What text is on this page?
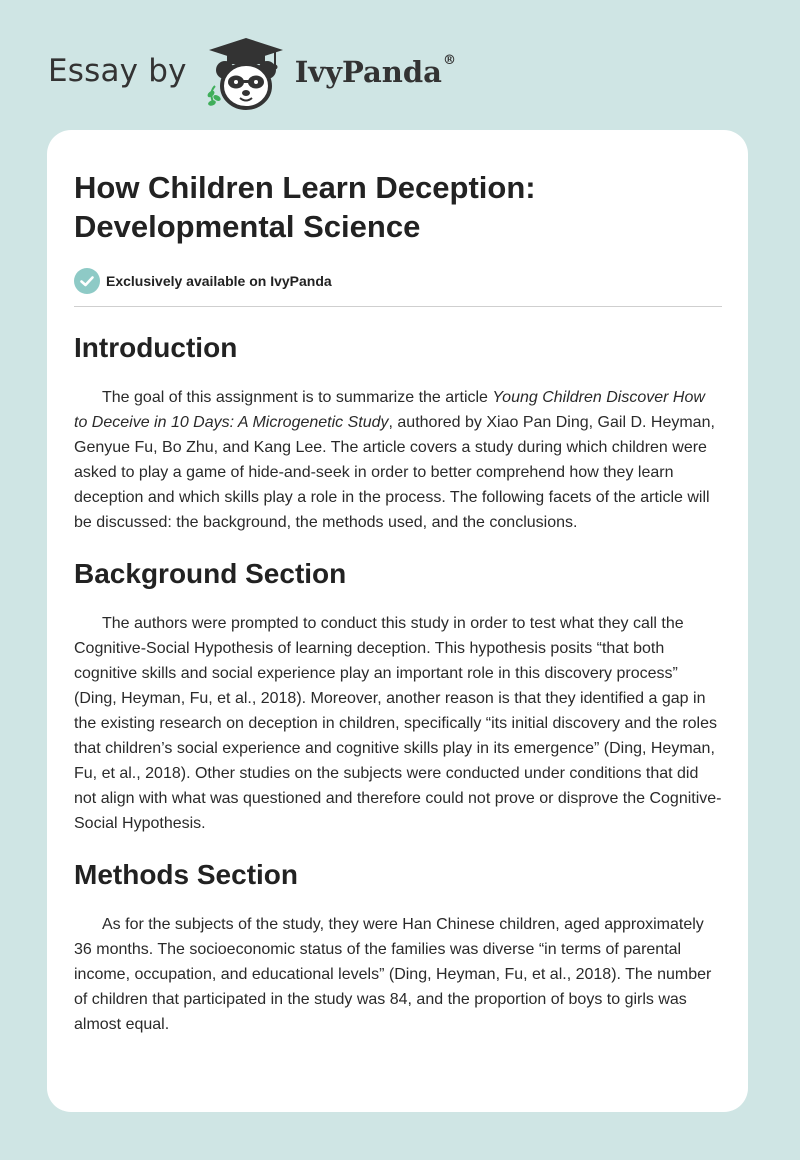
Essay by	IvyPanda®
How Children Learn Deception: Developmental Science
Exclusively available on IvyPanda
Introduction

The goal of this assignment is to summarize the article Young Children Discover How to Deceive in 10 Days: A Microgenetic Study, authored by Xiao Pan Ding, Gail D. Heyman, Genyue Fu, Bo Zhu, and Kang Lee. The article covers a study during which children were asked to play a game of hide-and-seek in order to better comprehend how they learn deception and which skills play a role in the process. The following facets of the article will be discussed: the background, the methods used, and the conclusions.

Background Section

The authors were prompted to conduct this study in order to test what they call the Cognitive-Social Hypothesis of learning deception. This hypothesis posits “that both cognitive skills and social experience play an important role in this discovery process” (Ding, Heyman, Fu, et al., 2018). Moreover, another reason is that they identified a gap in the existing research on deception in children, specifically “its initial discovery and the roles that children’s social experience and cognitive skills play in its emergence” (Ding, Heyman, Fu, et al., 2018). Other studies on the subjects were conducted under conditions that did not align with what was questioned and therefore could not prove or disprove the Cognitive-Social Hypothesis.

Methods Section

As for the subjects of the study, they were Han Chinese children, aged approximately 36 months. The socioeconomic status of the families was diverse “in terms of parental income, occupation, and educational levels” (Ding, Heyman, Fu, et al., 2018). The number of children that participated in the study was 84, and the proportion of boys to girls was almost equal.
